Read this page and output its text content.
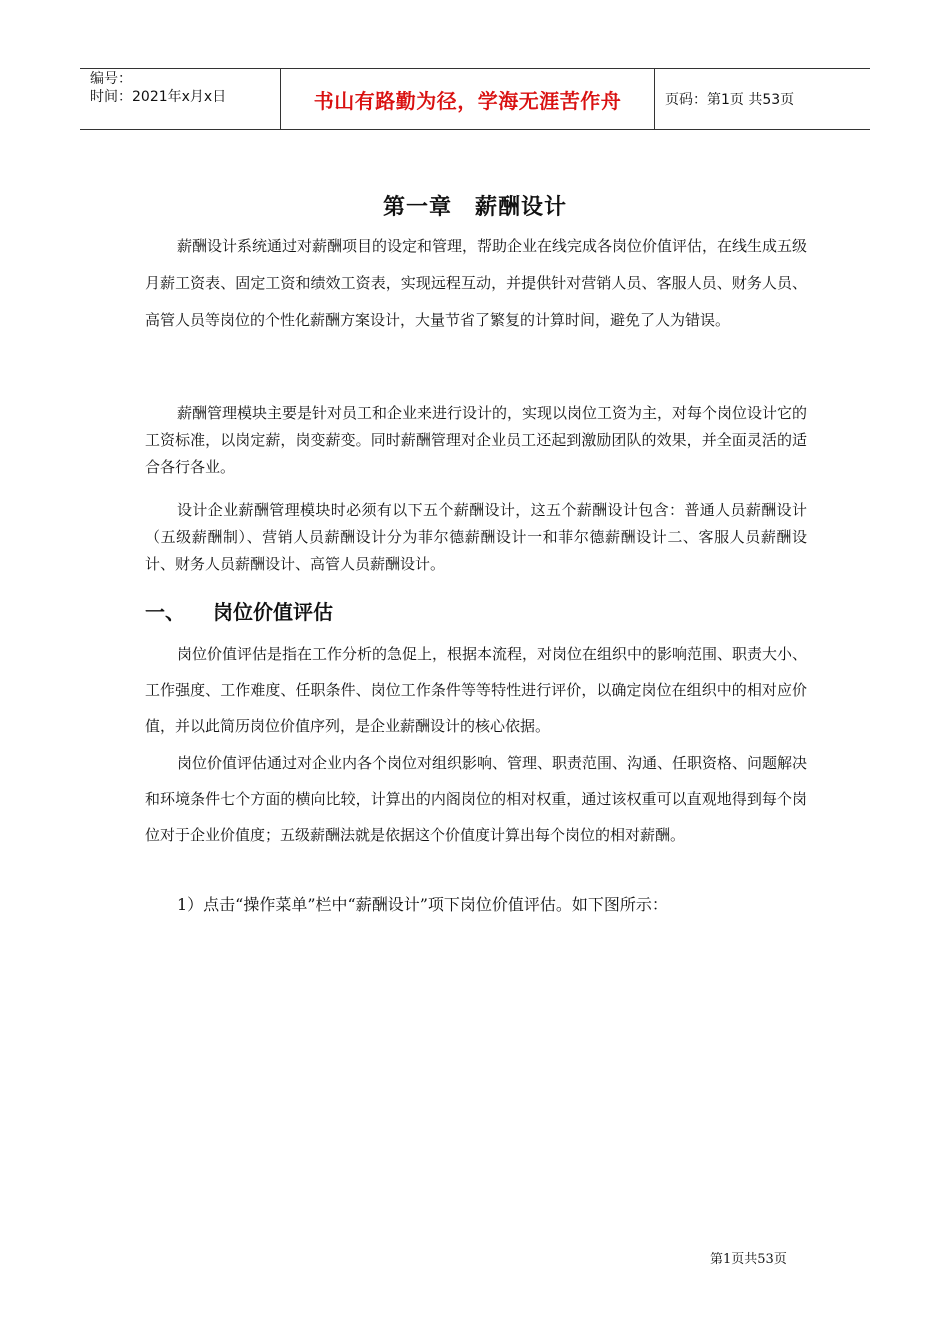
编号：
时间：2021年x月x日	书山有路勤为径，学海无涯苦作舟	页码：第1页 共53页
第一章　薪酬设计
薪酬设计系统通过对薪酬项目的设定和管理，帮助企业在线完成各岗位价值评估，在线生成五级月薪工资表、固定工资和绩效工资表，实现远程互动，并提供针对营销人员、客服人员、财务人员、高管人员等岗位的个性化薪酬方案设计，大量节省了繁复的计算时间，避免了人为错误。
薪酬管理模块主要是针对员工和企业来进行设计的，实现以岗位工资为主，对每个岗位设计它的工资标准，以岗定薪，岗变薪变。同时薪酬管理对企业员工还起到激励团队的效果，并全面灵活的适合各行各业。
设计企业薪酬管理模块时必须有以下五个薪酬设计，这五个薪酬设计包含：普通人员薪酬设计（五级薪酬制）、营销人员薪酬设计分为菲尔德薪酬设计一和菲尔德薪酬设计二、客服人员薪酬设计、财务人员薪酬设计、高管人员薪酬设计。
一、 岗位价值评估
岗位价值评估是指在工作分析的急促上，根据本流程，对岗位在组织中的影响范围、职责大小、工作强度、工作难度、任职条件、岗位工作条件等等特性进行评价，以确定岗位在组织中的相对应价值，并以此简历岗位价值序列，是企业薪酬设计的核心依据。
岗位价值评估通过对企业内各个岗位对组织影响、管理、职责范围、沟通、任职资格、问题解决和环境条件七个方面的横向比较，计算出的内阁岗位的相对权重，通过该权重可以直观地得到每个岗位对于企业价值度；五级薪酬法就是依据这个价值度计算出每个岗位的相对薪酬。
1）点击“操作菜单”栏中“薪酬设计”项下岗位价值评估。如下图所示：
第1页共53页
